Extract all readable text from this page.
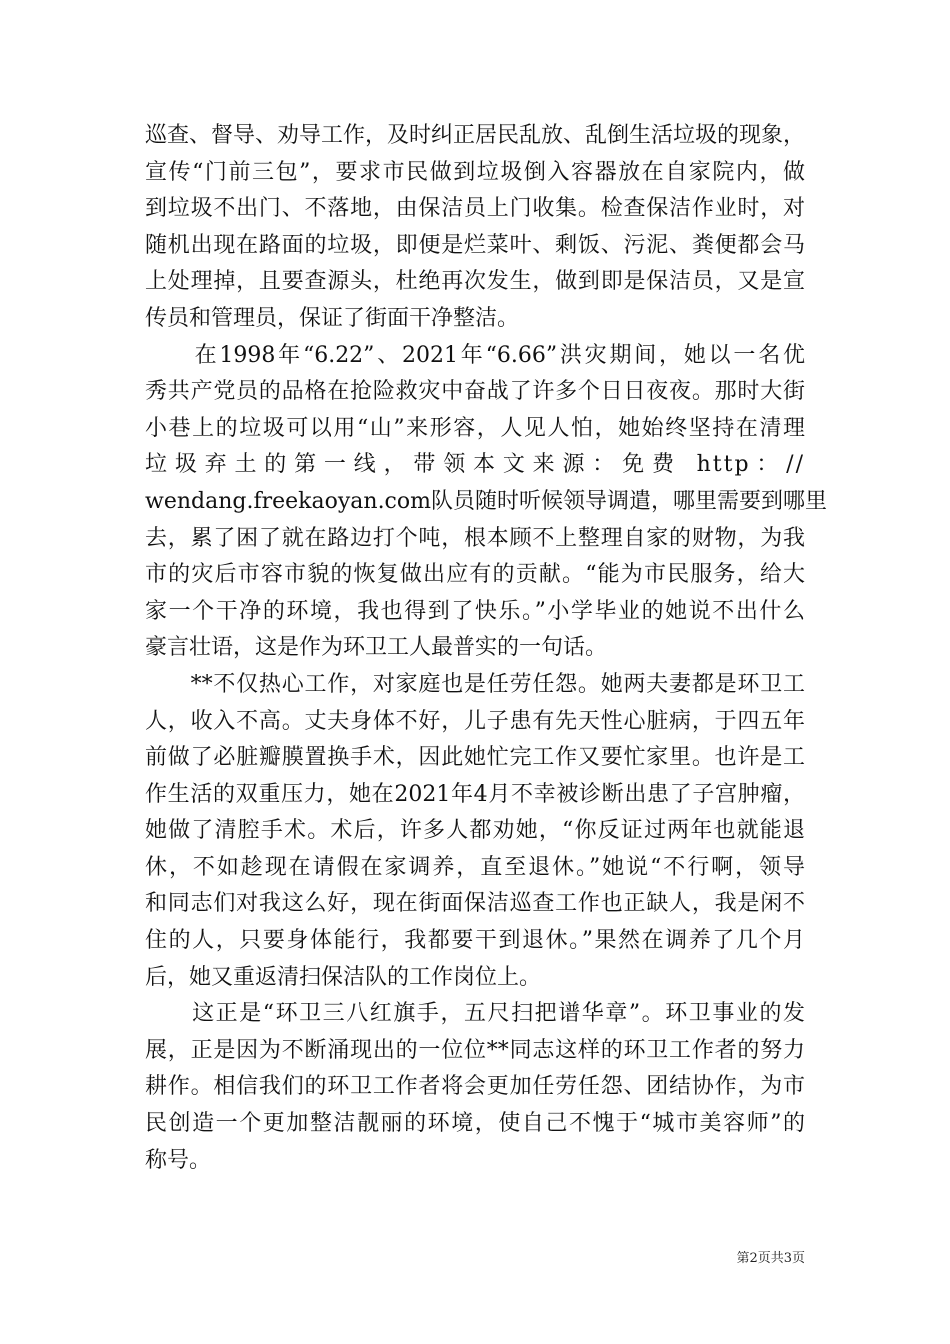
巡查、督导、劝导工作，及时纠正居民乱放、乱倒生活垃圾的现象，
宣传“门前三包”，要求市民做到垃圾倒入容器放在自家院内，做
到垃圾不出门、不落地，由保洁员上门收集。检查保洁作业时，对
随机出现在路面的垃圾，即便是烂菜叶、剩饭、污泥、粪便都会马
上处理掉，且要查源头，杜绝再次发生，做到即是保洁员，又是宣
传员和管理员，保证了街面干净整洁。
　　在1998年“6.22”、2021年“6.66”洪灾期间，她以一名优
秀共产党员的品格在抢险救灾中奋战了许多个日日夜夜。那时大街
小巷上的垃圾可以用“山”来形容，人见人怕，她始终坚持在清理
垃圾弃土的第一线，带领本文来源：免费 http：//
wendang.freekaoyan.com队员随时听候领导调遣，哪里需要到哪里
去，累了困了就在路边打个吨，根本顾不上整理自家的财物，为我
市的灾后市容市貌的恢复做出应有的贡献。“能为市民服务，给大
家一个干净的环境，我也得到了快乐。”小学毕业的她说不出什么
豪言壮语，这是作为环卫工人最普实的一句话。
　　**不仅热心工作，对家庭也是任劳任怨。她两夫妻都是环卫工
人，收入不高。丈夫身体不好，儿子患有先天性心脏病，于四五年
前做了必脏瓣膜置换手术，因此她忙完工作又要忙家里。也许是工
作生活的双重压力，她在2021年4月不幸被诊断出患了子宫肿瘤，
她做了清腔手术。术后，许多人都劝她，“你反证过两年也就能退
休，不如趁现在请假在家调养，直至退休。”她说“不行啊，领导
和同志们对我这么好，现在街面保洁巡查工作也正缺人，我是闲不
住的人，只要身体能行，我都要干到退休。”果然在调养了几个月
后，她又重返清扫保洁队的工作岗位上。
　　这正是“环卫三八红旗手，五尺扫把谱华章”。环卫事业的发
展，正是因为不断涌现出的一位位**同志这样的环卫工作者的努力
耕作。相信我们的环卫工作者将会更加任劳任怨、团结协作，为市
民创造一个更加整洁靓丽的环境，使自己不愧于“城市美容师”的
称号。
第2页共3页
